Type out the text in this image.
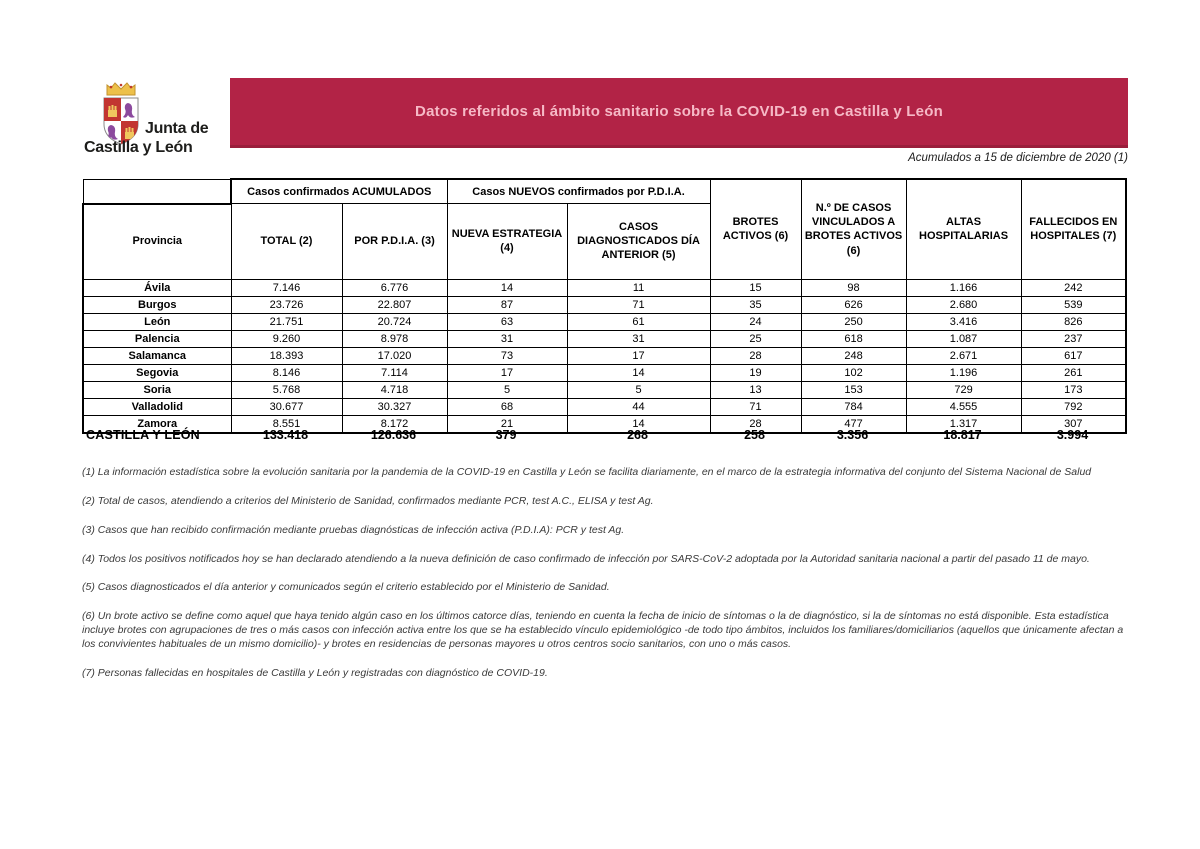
Junta de
Castilla y León
Datos referidos al ámbito sanitario sobre la COVID-19 en Castilla y León
Acumulados a 15 de diciembre de 2020 (1)
	Casos confirmados ACUMULADOS		Casos NUEVOS confirmados por P.D.I.A.		BROTES ACTIVOS (6)	N.º DE CASOS VINCULADOS A BROTES ACTIVOS (6)	ALTAS HOSPITALARIAS	FALLECIDOS EN HOSPITALES (7)
Provincia	TOTAL (2)	POR P.D.I.A. (3)	NUEVA ESTRATEGIA (4)	CASOS DIAGNOSTICADOS DÍA ANTERIOR (5)				
Ávila	7.146	6.776	14	11	15	98	1.166	242
Burgos	23.726	22.807	87	71	35	626	2.680	539
León	21.751	20.724	63	61	24	250	3.416	826
Palencia	9.260	8.978	31	31	25	618	1.087	237
Salamanca	18.393	17.020	73	17	28	248	2.671	617
Segovia	8.146	7.114	17	14	19	102	1.196	261
Soria	5.768	4.718	5	5	13	153	729	173
Valladolid	30.677	30.327	68	44	71	784	4.555	792
Zamora	8.551	8.172	21	14	28	477	1.317	307
CASTILLA Y LEÓN	133.418	126.636	379	268	258	3.356	18.817	3.994

(1) La información estadística sobre la evolución sanitaria por la pandemia de la COVID-19 en Castilla y León se facilita diariamente, en el marco de la estrategia informativa del conjunto del Sistema Nacional de Salud

(2) Total de casos, atendiendo a criterios del Ministerio de Sanidad, confirmados mediante PCR, test A.C., ELISA y test Ag.

(3) Casos que han recibido confirmación mediante pruebas diagnósticas de infección activa (P.D.I.A): PCR y test Ag.

(4) Todos los positivos notificados hoy se han declarado atendiendo a la nueva definición de caso confirmado de infección por SARS-CoV-2 adoptada por la Autoridad sanitaria nacional a partir del pasado 11 de mayo.

(5) Casos diagnosticados el día anterior y comunicados según el criterio establecido por el Ministerio de Sanidad.

(6) Un brote activo se define como aquel que haya tenido algún caso en los últimos catorce días, teniendo en cuenta la fecha de inicio de síntomas o la de diagnóstico, si la de síntomas no está disponible. Esta estadística incluye brotes con agrupaciones de tres o más casos con infección activa entre los que se ha establecido vínculo epidemiológico -de todo tipo ámbitos, incluidos los familiares/domiciliarios (aquellos que únicamente afectan a los convivientes habituales de un mismo domicilio)- y brotes en residencias de personas mayores u otros centros socio sanitarios, con uno o más casos.

(7) Personas fallecidas en hospitales de Castilla y León y registradas con diagnóstico de COVID-19.
